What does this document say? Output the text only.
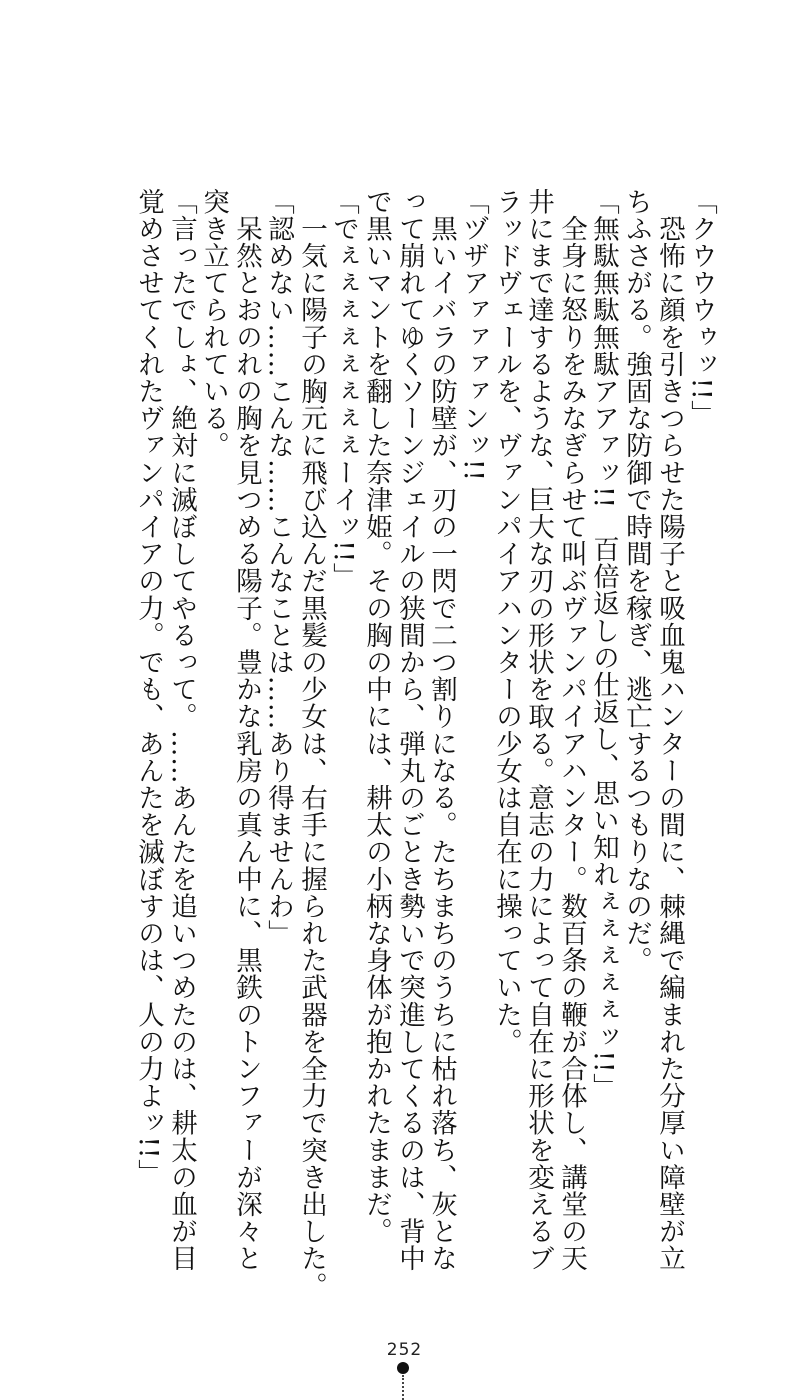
「クウウウゥッ!!」
　恐怖に顔を引きつらせた陽子と吸血鬼ハンターの間に、棘縄で編まれた分厚い障壁が立
ちふさがる。強固な防御で時間を稼ぎ、逃亡するつもりなのだ。
「無駄無駄無駄アアァッ!!　百倍返しの仕返し、思い知れぇぇぇぇぇッ!!」
　全身に怒りをみなぎらせて叫ぶヴァンパイアハンター。数百条の鞭が合体し、講堂の天
井にまで達するような、巨大な刃の形状を取る。意志の力によって自在に形状を変えるブ
ラッドヴェールを、ヴァンパイアハンターの少女は自在に操っていた。
「ヅザアァァァァンッ!!
　黒いイバラの防壁が、刃の一閃で二つ割りになる。たちまちのうちに枯れ落ち、灰とな
って崩れてゆくソーンジェイルの狭間から、弾丸のごとき勢いで突進してくるのは、背中
で黒いマントを翻した奈津姫。その胸の中には、耕太の小柄な身体が抱かれたままだ。
「でぇぇぇぇぇぇぇぇーイッ!!」
　一気に陽子の胸元に飛び込んだ黒髪の少女は、右手に握られた武器を全力で突き出した。
「認めない……こんな……こんなことは……あり得ませんわ」
　呆然とおのれの胸を見つめる陽子。豊かな乳房の真ん中に、黒鉄のトンファーが深々と
突き立てられている。
「言ったでしょ、絶対に滅ぼしてやるって。……あんたを追いつめたのは、耕太の血が目
覚めさせてくれたヴァンパイアの力。でも、あんたを滅ぼすのは、人の力よッ!!」
252
